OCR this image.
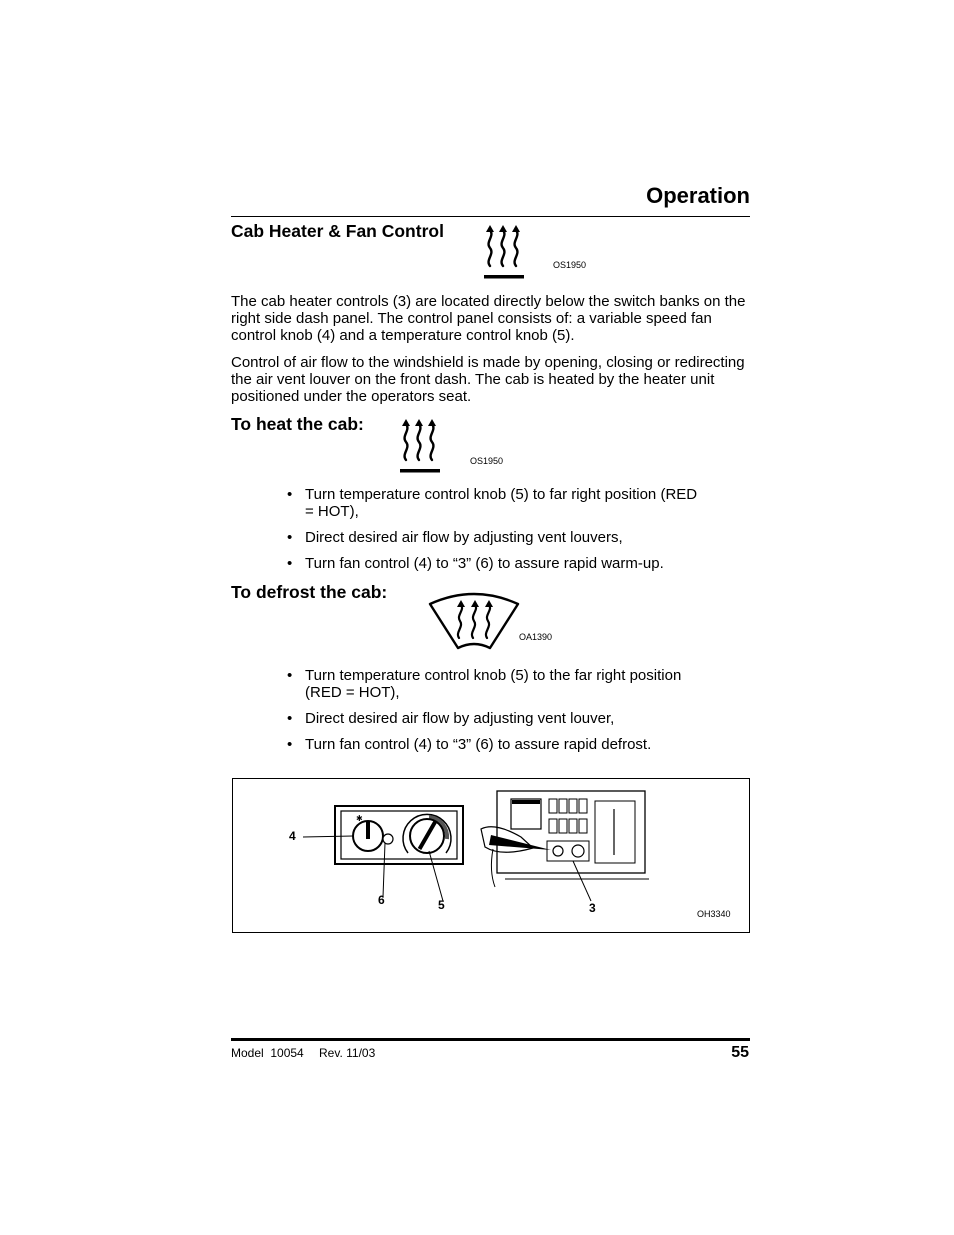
Operation
Cab Heater & Fan Control
OS1950
The cab heater controls (3) are located directly below the switch banks on the right side dash panel. The control panel consists of: a variable speed fan control knob (4) and a temperature control knob (5).
Control of air flow to the windshield is made by opening, closing or redirecting the air vent louver on the front dash. The cab is heated by the heater unit positioned under the operators seat.
To heat the cab:
OS1950
• Turn temperature control knob (5) to far right position (RED = HOT),
• Direct desired air flow by adjusting vent louvers,
• Turn fan control (4) to “3” (6) to assure rapid warm-up.
To defrost the cab:
OA1390
• Turn temperature control knob (5) to the far right position (RED = HOT),
• Direct desired air flow by adjusting vent louver,
• Turn fan control (4) to “3” (6) to assure rapid defrost.
✱
4
6	5	3	OH3340
Model  10054 Rev. 11/03	55
